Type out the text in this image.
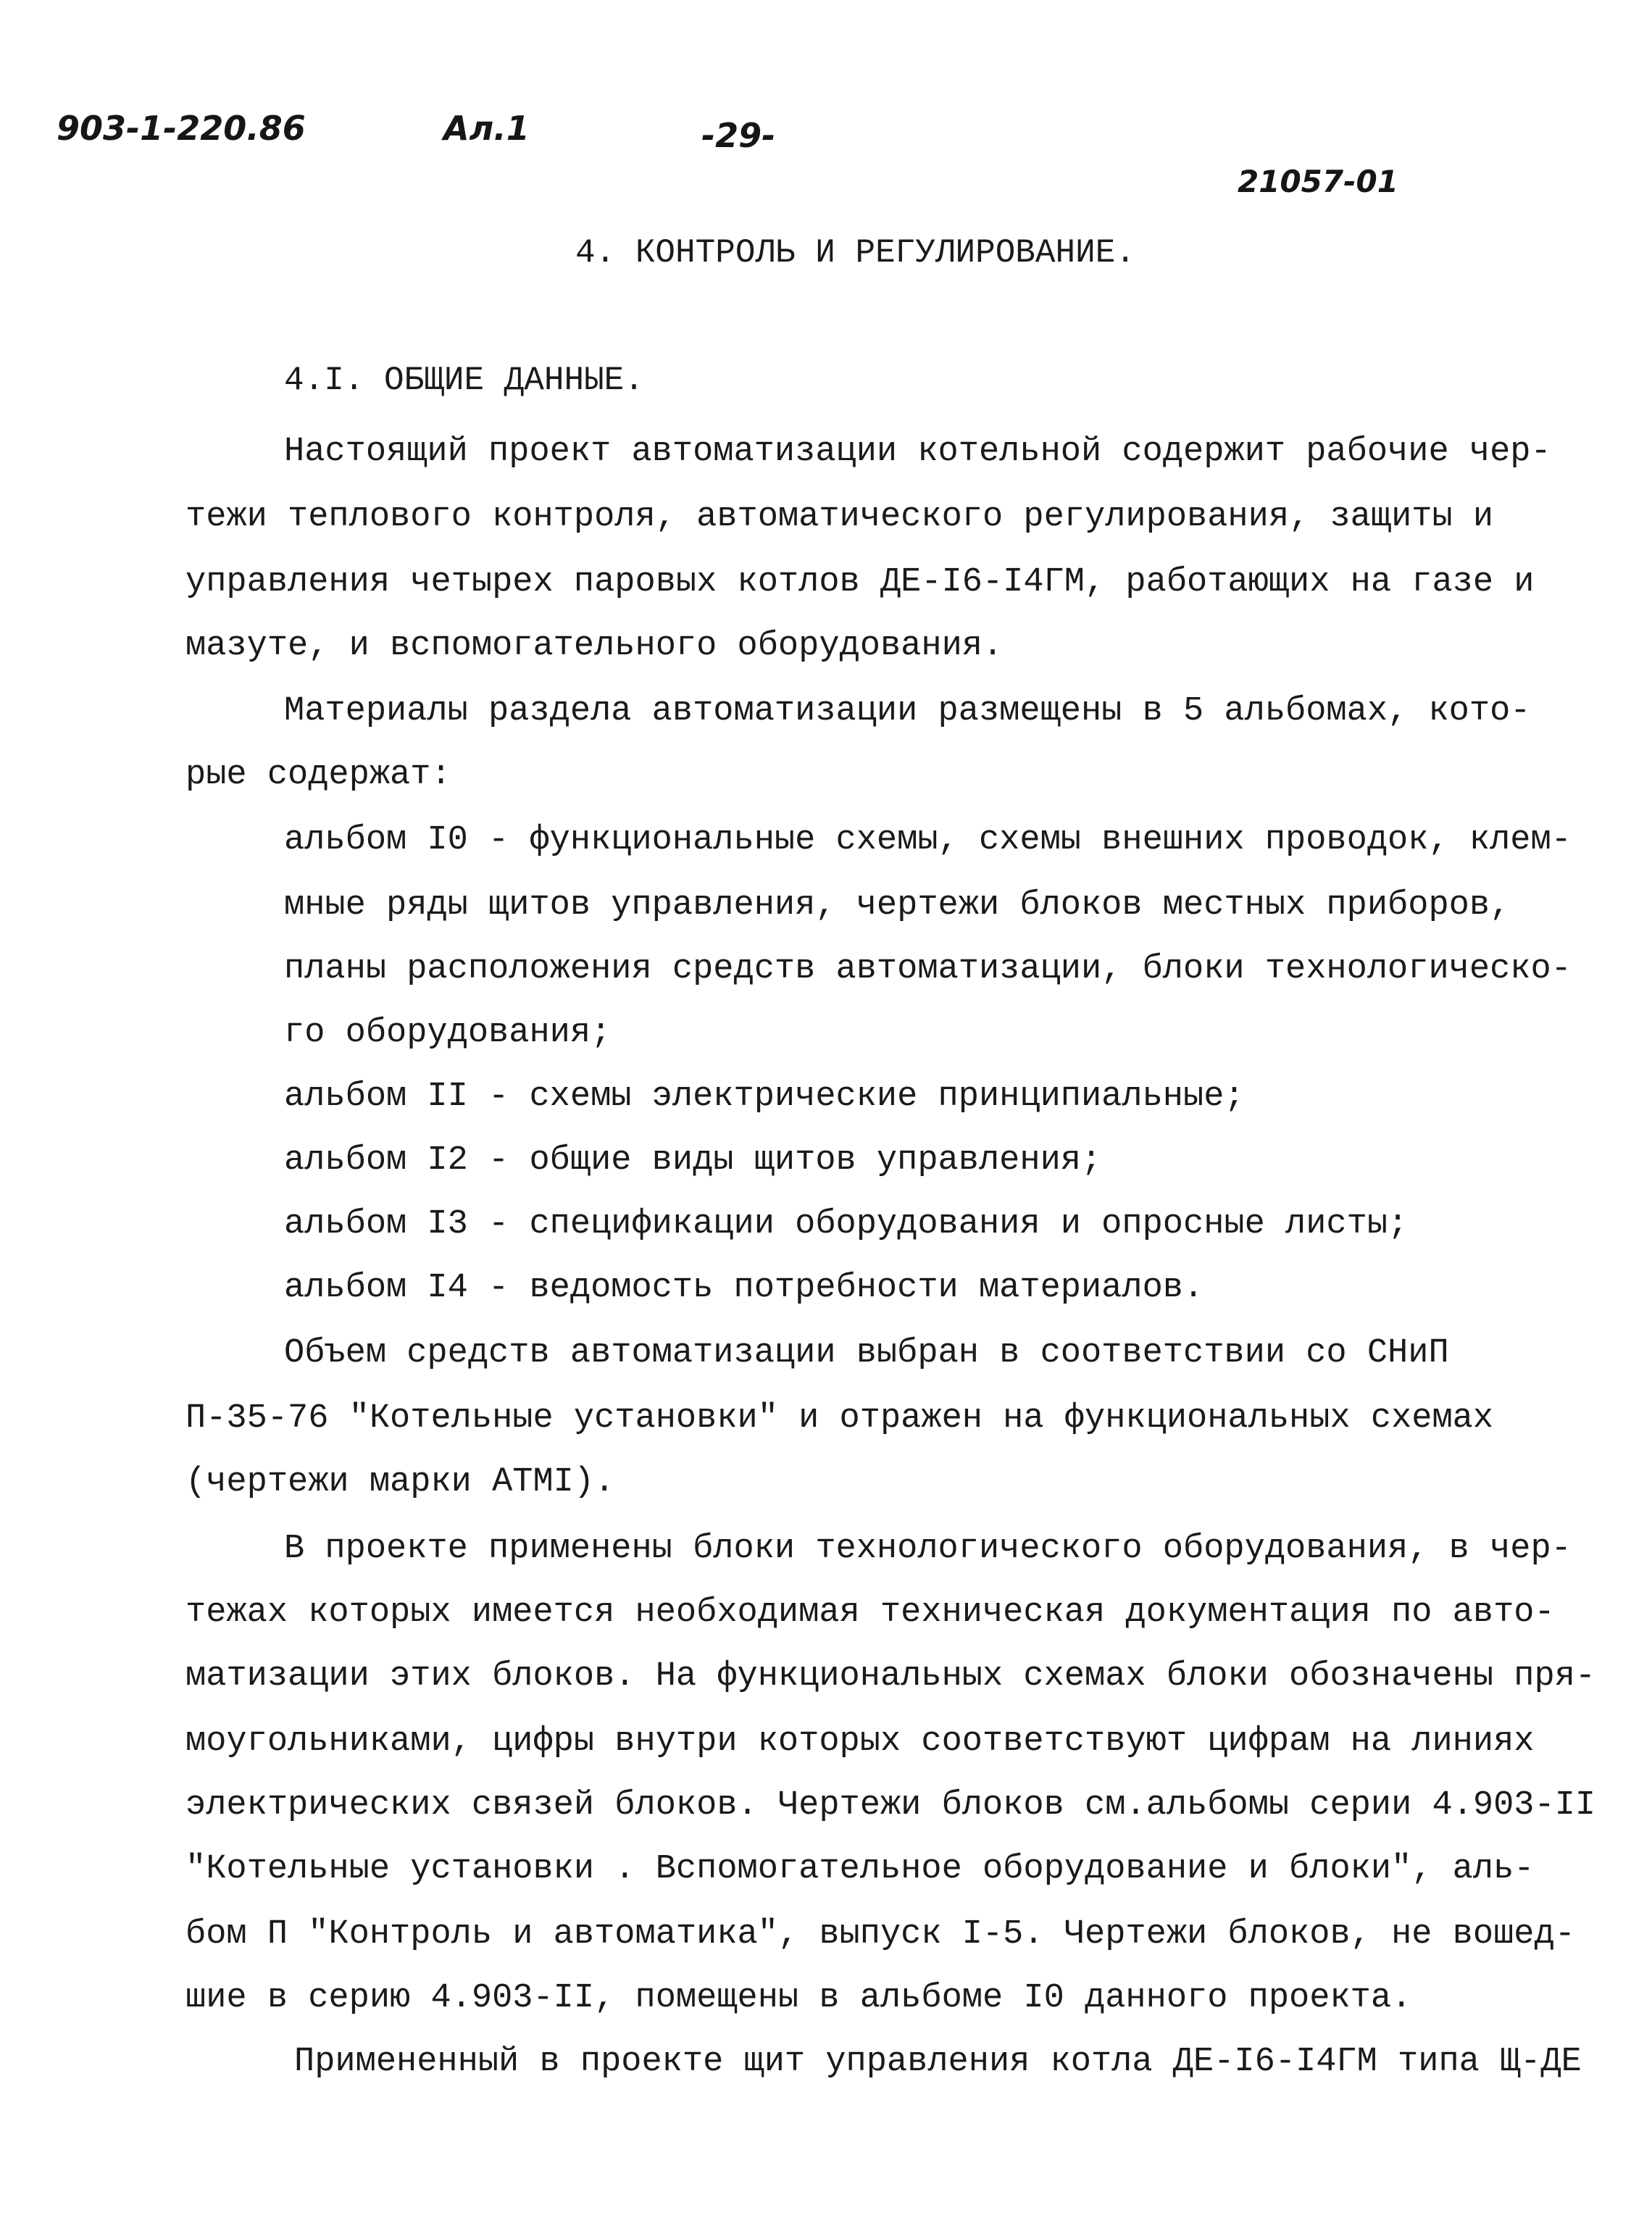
903-1-220.86	Ал.1	-29-
21057-01
4. КОНТРОЛЬ И РЕГУЛИРОВАНИЕ.
4.I. ОБЩИЕ ДАННЫЕ.
Настоящий проект автоматизации котельной содержит рабочие чер-
тежи теплового контроля, автоматического регулирования, защиты и
управления четырех паровых котлов ДЕ-I6-I4ГМ, работающих на газе и
мазуте, и вспомогательного оборудования.
Материалы раздела автоматизации размещены в 5 альбомах, кото-
рые содержат:
альбом I0 - функциональные схемы, схемы внешних проводок, клем-
мные ряды щитов управления, чертежи блоков местных приборов,
планы расположения средств автоматизации, блоки технологическо-
го оборудования;
альбом II - схемы электрические принципиальные;
альбом I2 - общие виды щитов управления;
альбом I3 - спецификации оборудования и опросные листы;
альбом I4 - ведомость потребности материалов.
Объем средств автоматизации выбран в соответствии со СНиП
П-35-76 "Котельные установки" и отражен на функциональных схемах
(чертежи марки АТМI).
В проекте применены блоки технологического оборудования, в чер-
тежах которых имеется необходимая техническая документация по авто-
матизации этих блоков. На функциональных схемах блоки обозначены пря-
моугольниками, цифры внутри которых соответствуют цифрам на линиях
электрических связей блоков. Чертежи блоков см.альбомы серии 4.903-II
"Котельные установки . Вспомогательное оборудование и блоки", аль-
бом П "Контроль и автоматика", выпуск I-5. Чертежи блоков, не вошед-
шие в серию 4.903-II, помещены в альбоме I0 данного проекта.
Примененный в проекте щит управления котла ДЕ-I6-I4ГМ типа Щ-ДЕ
